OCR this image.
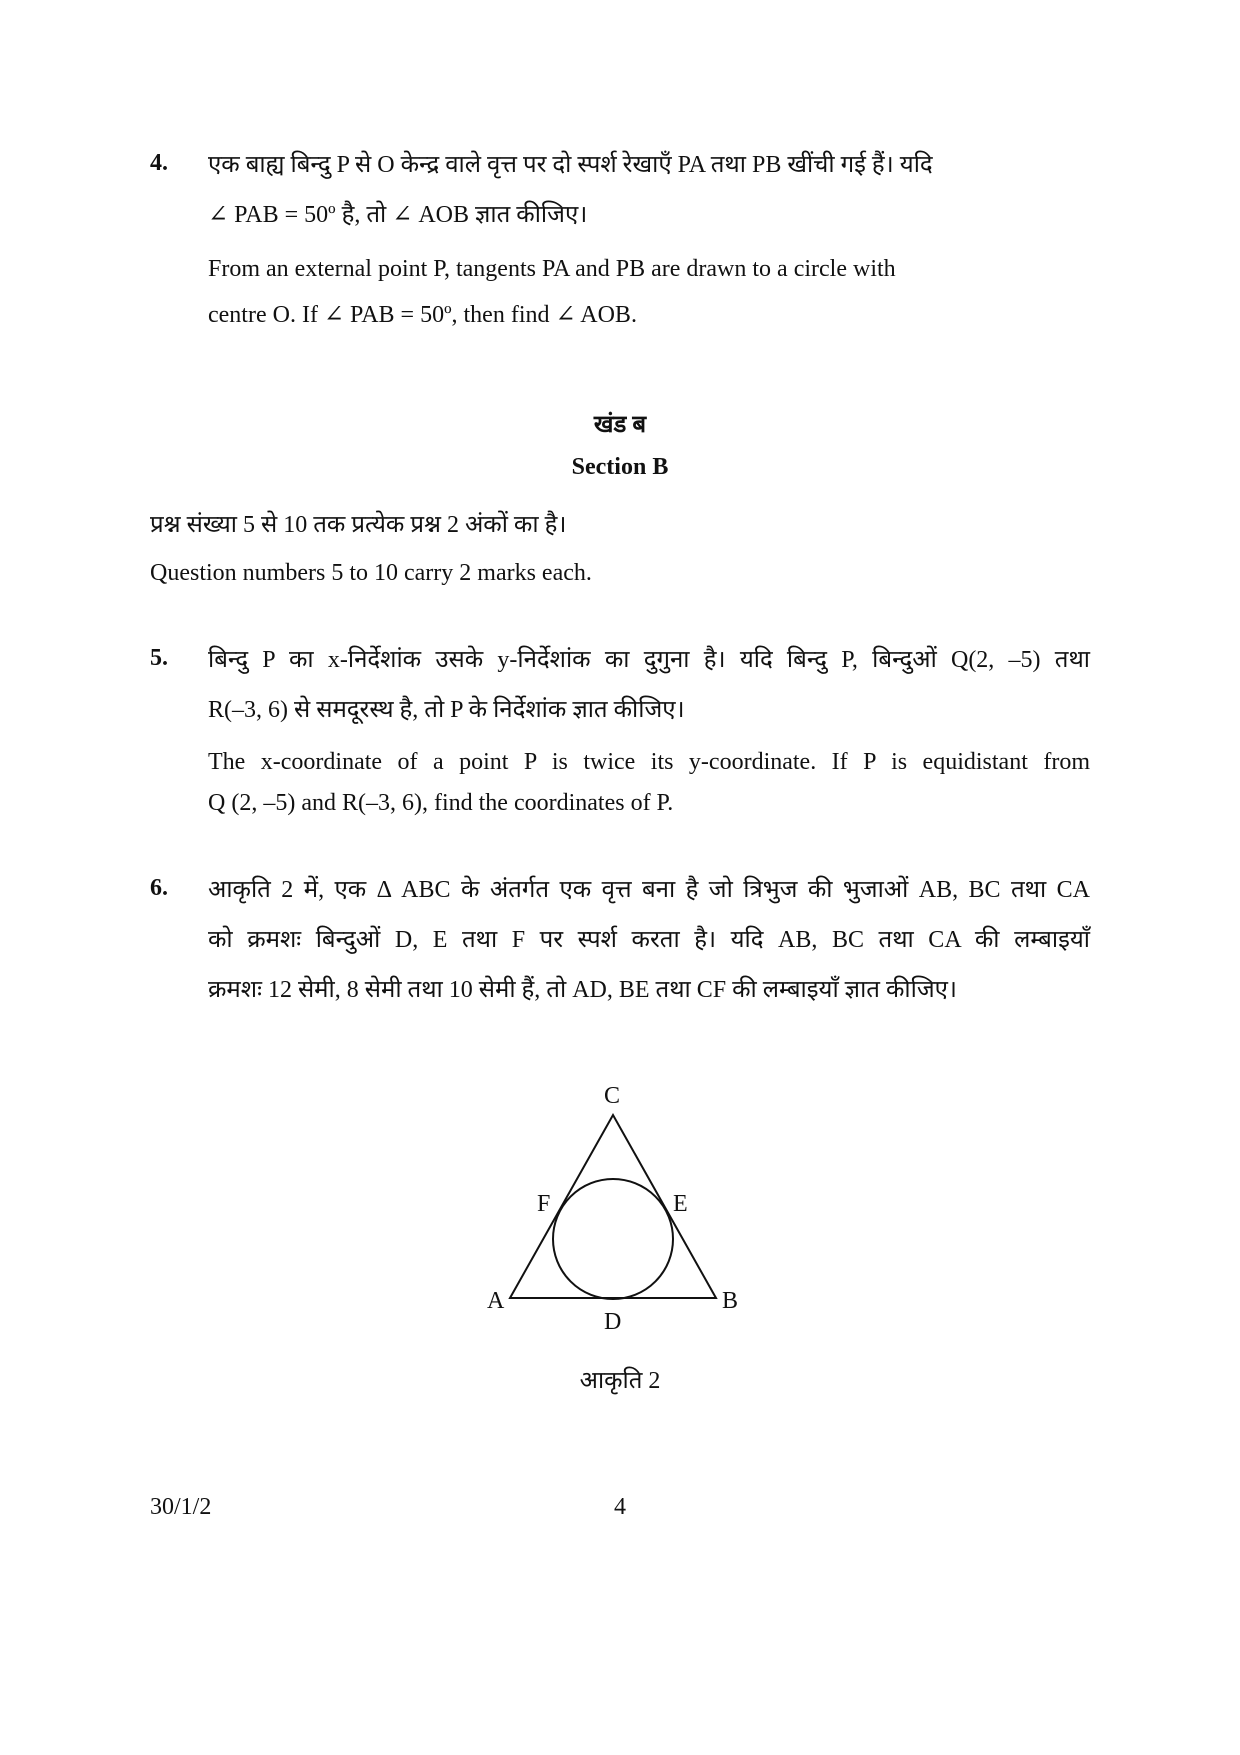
4. एक बाह्य बिन्दु P से O केन्द्र वाले वृत्त पर दो स्पर्श रेखाएँ PA तथा PB खींची गई हैं। यदि
∠ PAB = 50º है, तो ∠ AOB ज्ञात कीजिए।
From an external point P, tangents PA and PB are drawn to a circle with
centre O. If ∠ PAB = 50º, then find ∠ AOB.
खंड ब
Section B
प्रश्न संख्या 5 से 10 तक प्रत्येक प्रश्न 2 अंकों का है।
Question numbers 5 to 10 carry 2 marks each.
5. बिन्दु P का x-निर्देशांक उसके y-निर्देशांक का दुगुना है। यदि बिन्दु P, बिन्दुओं Q(2, –5) तथा
R(–3, 6) से समदूरस्थ है, तो P के निर्देशांक ज्ञात कीजिए।
The x-coordinate of a point P is twice its y-coordinate. If P is equidistant from
Q (2, –5) and R(–3, 6), find the coordinates of P.
6. आकृति 2 में, एक Δ ABC के अंतर्गत एक वृत्त बना है जो त्रिभुज की भुजाओं AB, BC तथा CA
को क्रमशः बिन्दुओं D, E तथा F पर स्पर्श करता है। यदि AB, BC तथा CA की लम्बाइयाँ
क्रमशः 12 सेमी, 8 सेमी तथा 10 सेमी हैं, तो AD, BE तथा CF की लम्बाइयाँ ज्ञात कीजिए।
C
F	E
A	B
D
आकृति 2
30/1/2	4
